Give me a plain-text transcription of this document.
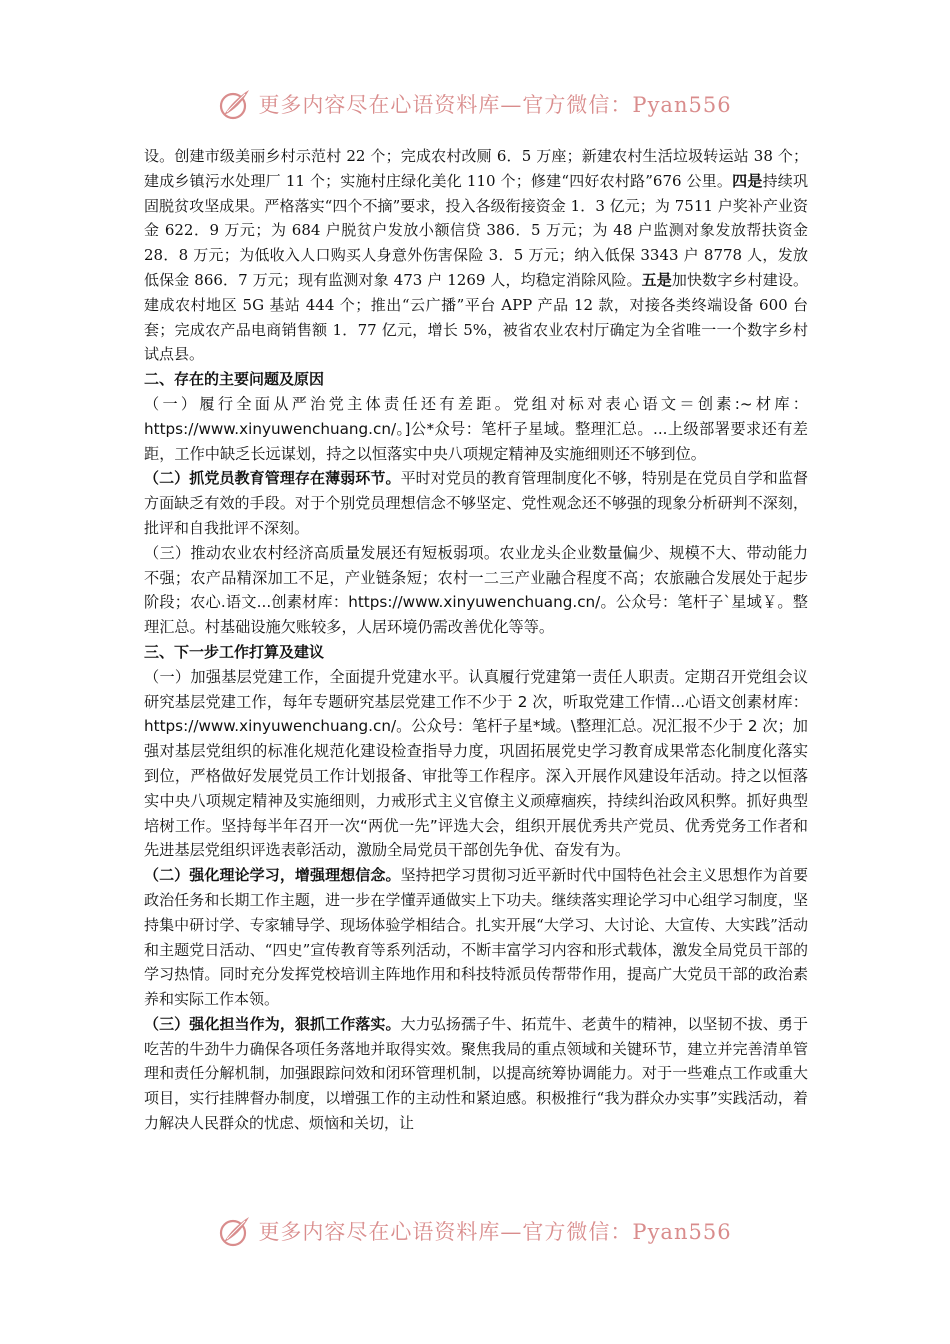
更多内容尽在心语资料库—官方微信：Pyan556

设。创建市级美丽乡村示范村 22 个；完成农村改厕 6．5 万座；新建农村生活垃圾转运站 38 个；建成乡镇污水处理厂 11 个；实施村庄绿化美化 110 个；修建“四好农村路”676 公里。四是持续巩固脱贫攻坚成果。严格落实“四个不摘”要求，投入各级衔接资金 1．3 亿元；为 7511 户奖补产业资金 622．9 万元；为 684 户脱贫户发放小额信贷 386．5 万元；为 48 户监测对象发放帮扶资金 28．8 万元；为低收入人口购买人身意外伤害保险 3．5 万元；纳入低保 3343 户 8778 人，发放低保金 866．7 万元；现有监测对象 473 户 1269 人，均稳定消除风险。五是加快数字乡村建设。建成农村地区 5G 基站 444 个；推出“云广播”平台 APP 产品 12 款，对接各类终端设备 600 台套；完成农产品电商销售额 1．77 亿元，增长 5%，被省农业农村厅确定为全省唯一一个数字乡村试点县。

二、存在的主要问题及原因

（一）履行全面从严治党主体责任还有差距。党组对标对表心语文＝创素:~材库：https://www.xinyuwenchuang.cn/。]公*众号：笔杆子星域。整理汇总。...上级部署要求还有差距，工作中缺乏长远谋划，持之以恒落实中央八项规定精神及实施细则还不够到位。

（二）抓党员教育管理存在薄弱环节。平时对党员的教育管理制度化不够，特别是在党员自学和监督方面缺乏有效的手段。对于个别党员理想信念不够坚定、党性观念还不够强的现象分析研判不深刻，批评和自我批评不深刻。

（三）推动农业农村经济高质量发展还有短板弱项。农业龙头企业数量偏少、规模不大、带动能力不强；农产品精深加工不足，产业链条短；农村一二三产业融合程度不高；农旅融合发展处于起步阶段；农心.语文...创素材库：https://www.xinyuwenchuang.cn/。公众号：笔杆子`星域￥。整理汇总。村基础设施欠账较多，人居环境仍需改善优化等等。

三、下一步工作打算及建议

（一）加强基层党建工作，全面提升党建水平。认真履行党建第一责任人职责。定期召开党组会议研究基层党建工作，每年专题研究基层党建工作不少于 2 次，听取党建工作情...心语文创素材库：https://www.xinyuwenchuang.cn/。公众号：笔杆子星*域。\整理汇总。况汇报不少于 2 次；加强对基层党组织的标准化规范化建设检查指导力度，巩固拓展党史学习教育成果常态化制度化落实到位，严格做好发展党员工作计划报备、审批等工作程序。深入开展作风建设年活动。持之以恒落实中央八项规定精神及实施细则，力戒形式主义官僚主义顽瘴痼疾，持续纠治政风积弊。抓好典型培树工作。坚持每半年召开一次“两优一先”评选大会，组织开展优秀共产党员、优秀党务工作者和先进基层党组织评选表彰活动，激励全局党员干部创先争优、奋发有为。

（二）强化理论学习，增强理想信念。坚持把学习贯彻习近平新时代中国特色社会主义思想作为首要政治任务和长期工作主题，进一步在学懂弄通做实上下功夫。继续落实理论学习中心组学习制度，坚持集中研讨学、专家辅导学、现场体验学相结合。扎实开展“大学习、大讨论、大宣传、大实践”活动和主题党日活动、“四史”宣传教育等系列活动，不断丰富学习内容和形式载体，激发全局党员干部的学习热情。同时充分发挥党校培训主阵地作用和科技特派员传帮带作用，提高广大党员干部的政治素养和实际工作本领。

（三）强化担当作为，狠抓工作落实。大力弘扬孺子牛、拓荒牛、老黄牛的精神，以坚韧不拔、勇于吃苦的牛劲牛力确保各项任务落地并取得实效。聚焦我局的重点领域和关键环节，建立并完善清单管理和责任分解机制，加强跟踪问效和闭环管理机制，以提高统筹协调能力。对于一些难点工作或重大项目，实行挂牌督办制度，以增强工作的主动性和紧迫感。积极推行“我为群众办实事”实践活动，着力解决人民群众的忧虑、烦恼和关切，让

更多内容尽在心语资料库—官方微信：Pyan556
